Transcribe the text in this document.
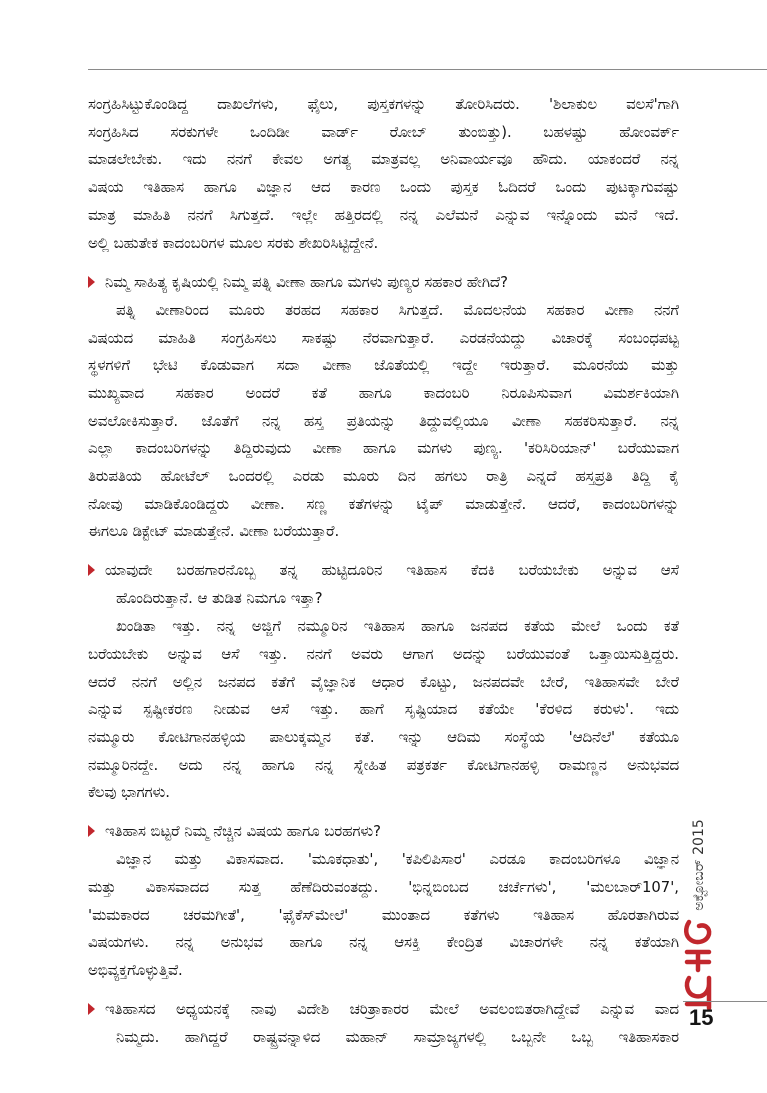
ಸಂಗ್ರಹಿಸಿಟ್ಟುಕೊಂಡಿದ್ದ ದಾಖಲೆಗಳು, ಫೈಲು, ಪುಸ್ತಕಗಳನ್ನು ತೋರಿಸಿದರು. 'ಶಿಲಾಕುಲ ವಲಸೆ'ಗಾಗಿ
ಸಂಗ್ರಹಿಸಿದ ಸರಕುಗಳೇ ಒಂದಿಡೀ ವಾರ್ಡ್ ರೋಬ್ ತುಂಬಿತ್ತು). ಬಹಳಷ್ಟು ಹೋಂವರ್ಕ್
ಮಾಡಲೇಬೇಕು. ಇದು ನನಗೆ ಕೇವಲ ಅಗತ್ಯ ಮಾತ್ರವಲ್ಲ ಅನಿವಾರ್ಯವೂ ಹೌದು. ಯಾಕಂದರೆ ನನ್ನ
ವಿಷಯ ಇತಿಹಾಸ ಹಾಗೂ ವಿಜ್ಞಾನ ಆದ ಕಾರಣ ಒಂದು ಪುಸ್ತಕ ಓದಿದರೆ ಒಂದು ಪುಟಕ್ಕಾಗುವಷ್ಟು
ಮಾತ್ರ ಮಾಹಿತಿ ನನಗೆ ಸಿಗುತ್ತದೆ. ಇಲ್ಲೇ ಹತ್ತಿರದಲ್ಲಿ ನನ್ನ ಎಲೆಮನೆ ಎನ್ನುವ ಇನ್ನೊಂದು ಮನೆ ಇದೆ.
ಅಲ್ಲಿ ಬಹುತೇಕ ಕಾದಂಬರಿಗಳ ಮೂಲ ಸರಕು ಶೇಖರಿಸಿಟ್ಟಿದ್ದೇನೆ.
ನಿಮ್ಮ ಸಾಹಿತ್ಯ ಕೃಷಿಯಲ್ಲಿ ನಿಮ್ಮ ಪತ್ನಿ ವೀಣಾ ಹಾಗೂ ಮಗಳು ಪುಣ್ಯರ ಸಹಕಾರ ಹೇಗಿದೆ?
ಪತ್ನಿ ವೀಣಾರಿಂದ ಮೂರು ತರಹದ ಸಹಕಾರ ಸಿಗುತ್ತದೆ. ಮೊದಲನೆಯ ಸಹಕಾರ ವೀಣಾ ನನಗೆ
ವಿಷಯದ ಮಾಹಿತಿ ಸಂಗ್ರಹಿಸಲು ಸಾಕಷ್ಟು ನೆರವಾಗುತ್ತಾರೆ. ಎರಡನೆಯದ್ದು ವಿಚಾರಕ್ಕೆ ಸಂಬಂಧಪಟ್ಟ
ಸ್ಥಳಗಳಿಗೆ ಭೇಟಿ ಕೊಡುವಾಗ ಸದಾ ವೀಣಾ ಜೊತೆಯಲ್ಲಿ ಇದ್ದೇ ಇರುತ್ತಾರೆ. ಮೂರನೆಯ ಮತ್ತು
ಮುಖ್ಯವಾದ ಸಹಕಾರ ಅಂದರೆ ಕತೆ ಹಾಗೂ ಕಾದಂಬರಿ ನಿರೂಪಿಸುವಾಗ ವಿಮರ್ಶಕಿಯಾಗಿ
ಅವಲೋಕಿಸುತ್ತಾರೆ. ಜೊತೆಗೆ ನನ್ನ ಹಸ್ತ ಪ್ರತಿಯನ್ನು ತಿದ್ದುವಲ್ಲಿಯೂ ವೀಣಾ ಸಹಕರಿಸುತ್ತಾರೆ. ನನ್ನ
ಎಲ್ಲಾ ಕಾದಂಬರಿಗಳನ್ನು ತಿದ್ದಿರುವುದು ವೀಣಾ ಹಾಗೂ ಮಗಳು ಪುಣ್ಯ. 'ಕರಿಸಿರಿಯಾನ್' ಬರೆಯುವಾಗ
ತಿರುಪತಿಯ ಹೋಟೆಲ್ ಒಂದರಲ್ಲಿ ಎರಡು ಮೂರು ದಿನ ಹಗಲು ರಾತ್ರಿ ಎನ್ನದೆ ಹಸ್ತಪ್ರತಿ ತಿದ್ದಿ ಕೈ
ನೋವು ಮಾಡಿಕೊಂಡಿದ್ದರು ವೀಣಾ. ಸಣ್ಣ ಕತೆಗಳನ್ನು ಟೈಪ್ ಮಾಡುತ್ತೇನೆ. ಆದರೆ, ಕಾದಂಬರಿಗಳನ್ನು
ಈಗಲೂ ಡಿಕ್ಟೇಟ್ ಮಾಡುತ್ತೇನೆ. ವೀಣಾ ಬರೆಯುತ್ತಾರೆ.
ಯಾವುದೇ ಬರಹಗಾರನೊಬ್ಬ ತನ್ನ ಹುಟ್ಟಿದೂರಿನ ಇತಿಹಾಸ ಕೆದಕಿ ಬರೆಯಬೇಕು ಅನ್ನುವ ಆಸೆ
ಹೊಂದಿರುತ್ತಾನೆ. ಆ ತುಡಿತ ನಿಮಗೂ ಇತ್ತಾ?
ಖಂಡಿತಾ ಇತ್ತು. ನನ್ನ ಅಜ್ಜಿಗೆ ನಮ್ಮೂರಿನ ಇತಿಹಾಸ ಹಾಗೂ ಜನಪದ ಕತೆಯ ಮೇಲೆ ಒಂದು ಕತೆ
ಬರೆಯಬೇಕು ಅನ್ನುವ ಆಸೆ ಇತ್ತು. ನನಗೆ ಅವರು ಆಗಾಗ ಅದನ್ನು ಬರೆಯುವಂತೆ ಒತ್ತಾಯಿಸುತ್ತಿದ್ದರು.
ಆದರೆ ನನಗೆ ಅಲ್ಲಿನ ಜನಪದ ಕತೆಗೆ ವೈಜ್ಞಾನಿಕ ಆಧಾರ ಕೊಟ್ಟು, ಜನಪದವೇ ಬೇರೆ, ಇತಿಹಾಸವೇ ಬೇರೆ
ಎನ್ನುವ ಸ್ಪಷ್ಟೀಕರಣ ನೀಡುವ ಆಸೆ ಇತ್ತು. ಹಾಗೆ ಸೃಷ್ಟಿಯಾದ ಕತೆಯೇ 'ಕೆರಳಿದ ಕರುಳು'. ಇದು
ನಮ್ಮೂರು ಕೋಟಿಗಾನಹಳ್ಳಿಯ ಪಾಲುಕ್ಕಮ್ಮನ ಕತೆ. ಇನ್ನು ಆದಿಮ ಸಂಸ್ಥೆಯ 'ಆದಿನೆಲೆ' ಕತೆಯೂ
ನಮ್ಮೂರಿನದ್ದೇ. ಅದು ನನ್ನ ಹಾಗೂ ನನ್ನ ಸ್ನೇಹಿತ ಪತ್ರಕರ್ತ ಕೋಟಿಗಾನಹಳ್ಳಿ ರಾಮಣ್ಣನ ಅನುಭವದ
ಕೆಲವು ಭಾಗಗಳು.
ಇತಿಹಾಸ ಬಿಟ್ಟರೆ ನಿಮ್ಮ ನೆಚ್ಚಿನ ವಿಷಯ ಹಾಗೂ ಬರಹಗಳು?
ವಿಜ್ಞಾನ ಮತ್ತು ವಿಕಾಸವಾದ. 'ಮೂಕಧಾತು', 'ಕಪಿಲಿಪಿಸಾರ' ಎರಡೂ ಕಾದಂಬರಿಗಳೂ ವಿಜ್ಞಾನ
ಮತ್ತು ವಿಕಾಸವಾದದ ಸುತ್ತ ಹೆಣೆದಿರುವಂತದ್ದು. 'ಭಿನ್ನಬಿಂಬದ ಚರ್ಚೆಗಳು', 'ಮಲಬಾರ್107',
'ಮಮಕಾರದ ಚರಮಗೀತೆ', 'ಫೈಕೆಸ್‌ಮೇಲೆ' ಮುಂತಾದ ಕತೆಗಳು ಇತಿಹಾಸ ಹೊರತಾಗಿರುವ
ವಿಷಯಗಳು. ನನ್ನ ಅನುಭವ ಹಾಗೂ ನನ್ನ ಆಸಕ್ತಿ ಕೇಂದ್ರಿತ ವಿಚಾರಗಳೇ ನನ್ನ ಕತೆಯಾಗಿ
ಅಭಿವ್ಯಕ್ತಗೊಳ್ಳುತ್ತಿವೆ.
ಇತಿಹಾಸದ ಅಧ್ಯಯನಕ್ಕೆ ನಾವು ವಿದೇಶಿ ಚರಿತ್ರಾಕಾರರ ಮೇಲೆ ಅವಲಂಬಿತರಾಗಿದ್ದೇವೆ ಎನ್ನುವ ವಾದ
ನಿಮ್ಮದು. ಹಾಗಿದ್ದರೆ ರಾಷ್ಟ್ರವನ್ನಾಳಿದ ಮಹಾನ್ ಸಾಮ್ರಾಜ್ಯಗಳಲ್ಲಿ ಒಬ್ಬನೇ ಒಬ್ಬ ಇತಿಹಾಸಕಾರ
ಅಕ್ಟೋಬರ್ 2015
15
